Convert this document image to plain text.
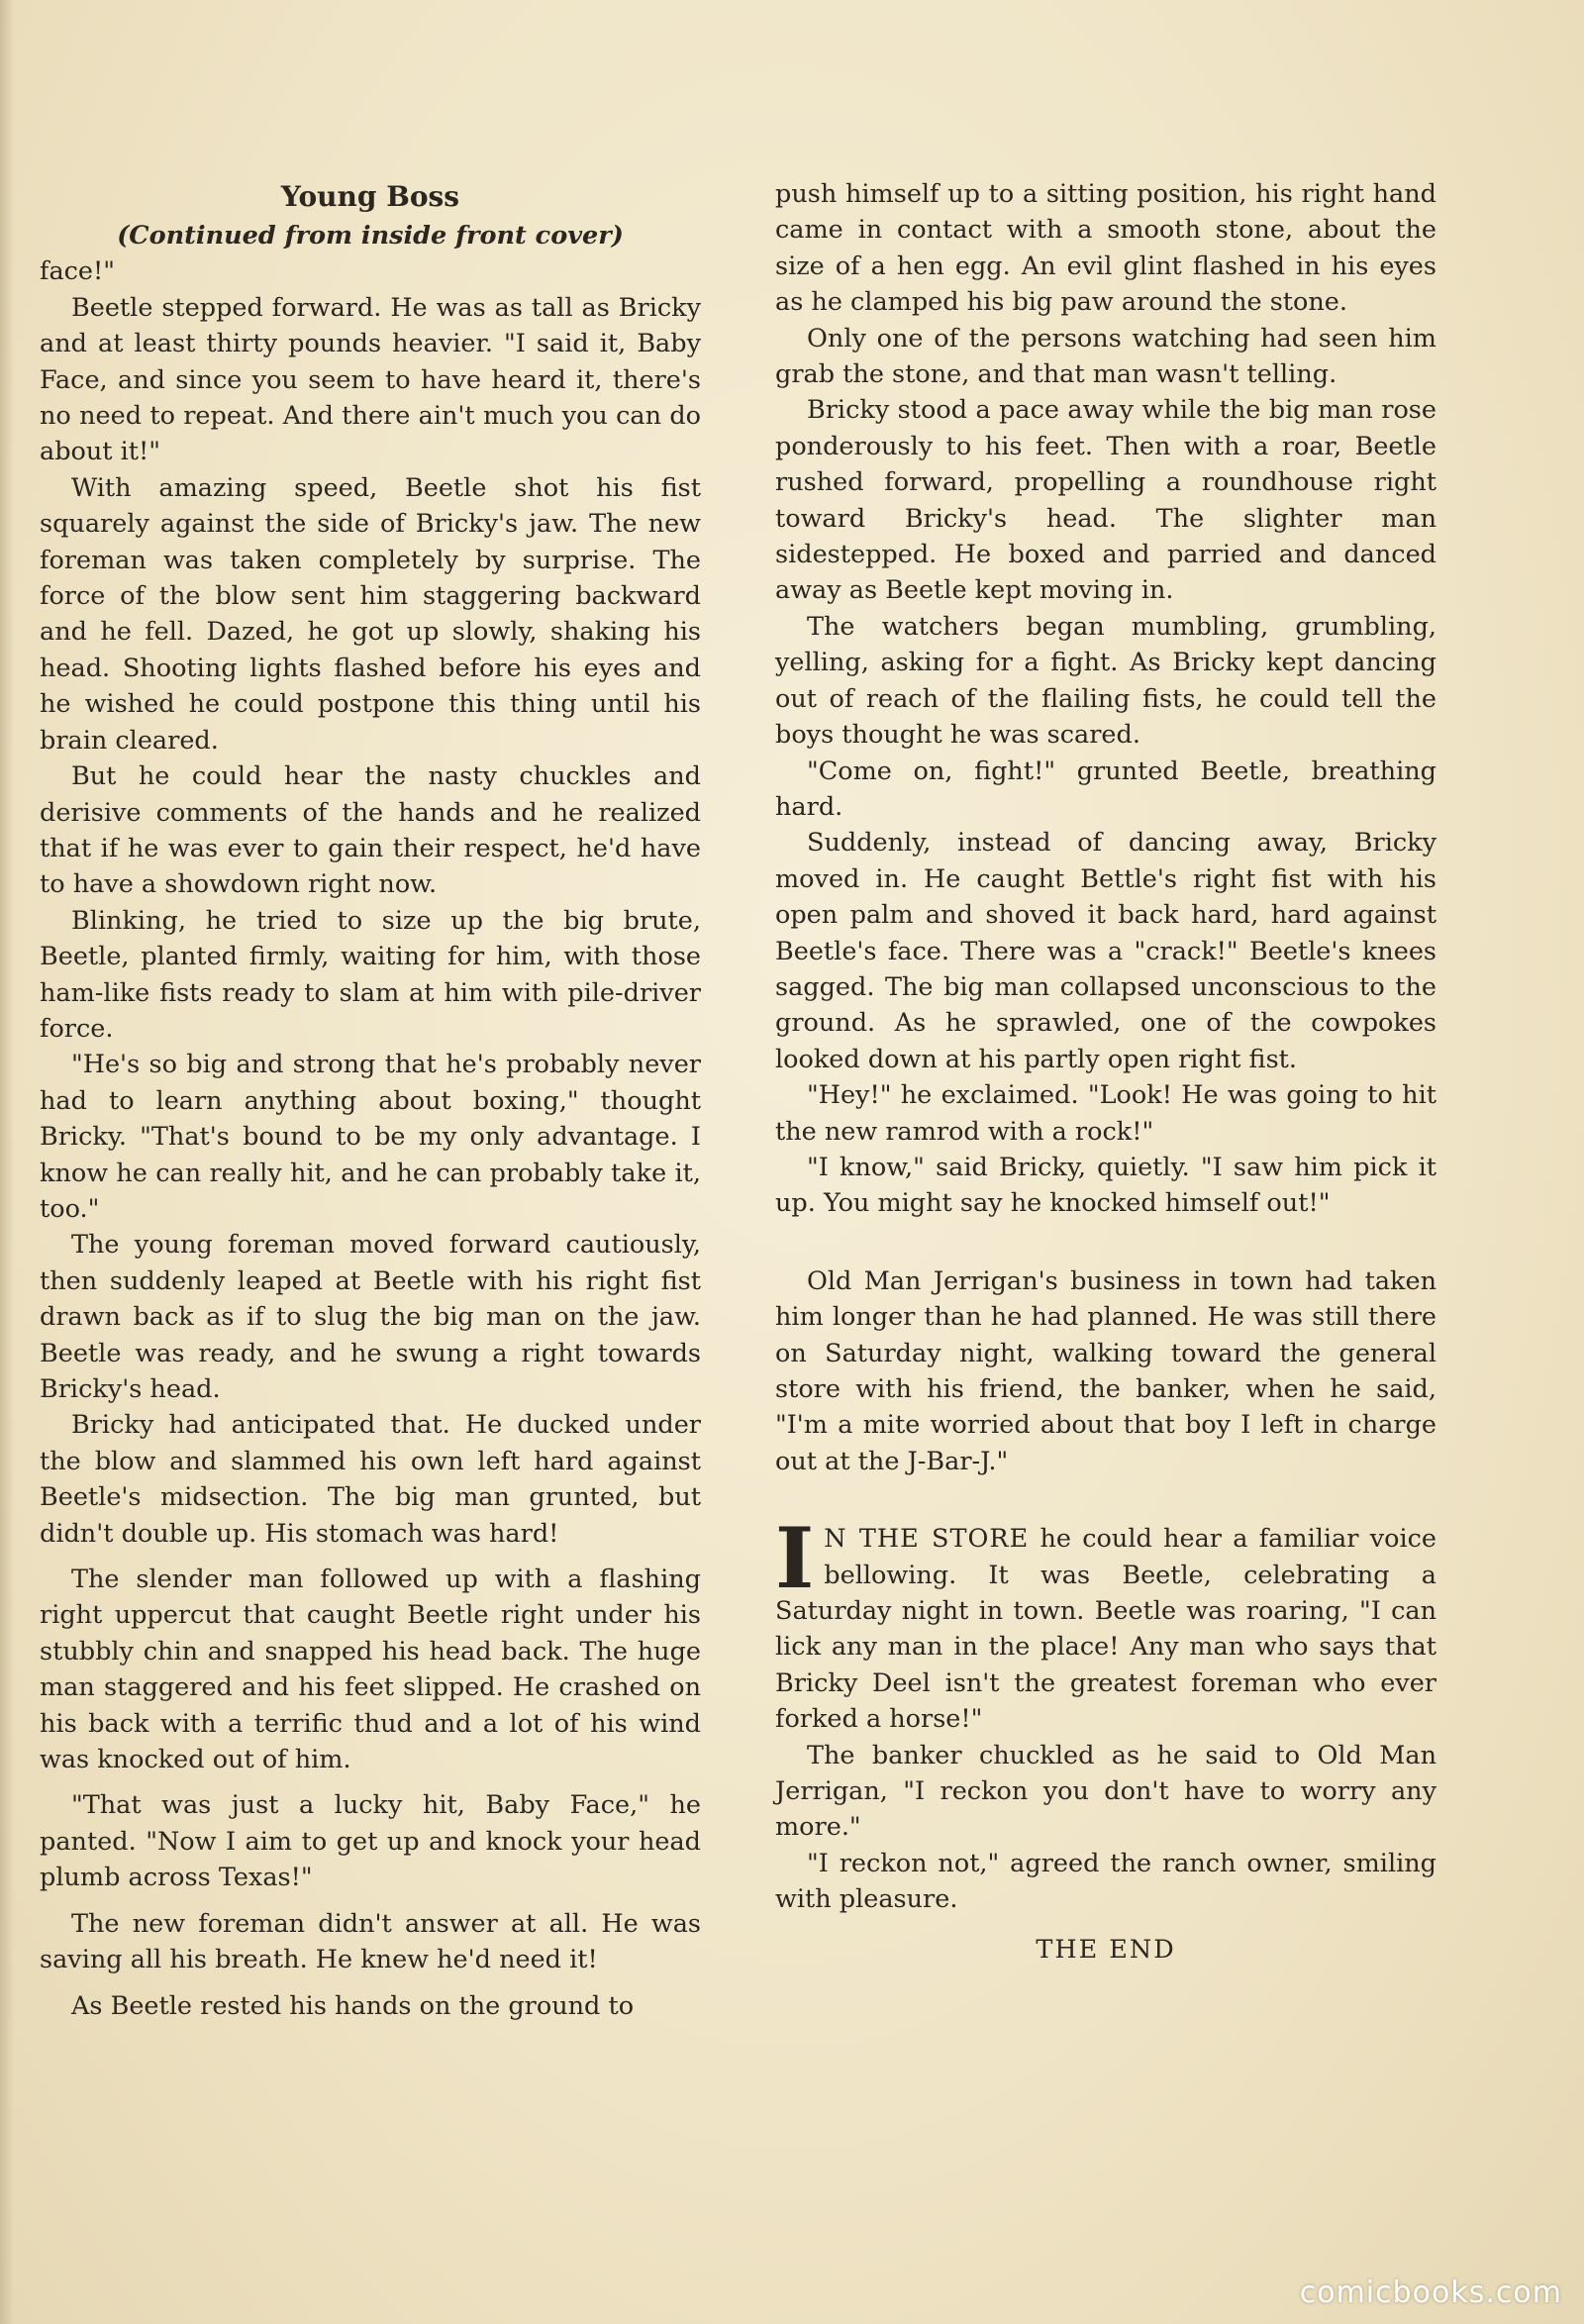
Young Boss

(Continued from inside front cover)

face!"

Beetle stepped forward. He was as tall as Bricky and at least thirty pounds heavier. "I said it, Baby Face, and since you seem to have heard it, there's no need to repeat. And there ain't much you can do about it!"

With amazing speed, Beetle shot his fist squarely against the side of Bricky's jaw. The new foreman was taken completely by surprise. The force of the blow sent him staggering backward and he fell. Dazed, he got up slowly, shaking his head. Shooting lights flashed before his eyes and he wished he could postpone this thing until his brain cleared.

But he could hear the nasty chuckles and derisive comments of the hands and he realized that if he was ever to gain their respect, he'd have to have a showdown right now.

Blinking, he tried to size up the big brute, Beetle, planted firmly, waiting for him, with those ham-like fists ready to slam at him with pile-driver force.

"He's so big and strong that he's probably never had to learn anything about boxing," thought Bricky. "That's bound to be my only advantage. I know he can really hit, and he can probably take it, too."

The young foreman moved forward cautiously, then suddenly leaped at Beetle with his right fist drawn back as if to slug the big man on the jaw. Beetle was ready, and he swung a right towards Bricky's head.

Bricky had anticipated that. He ducked under the blow and slammed his own left hard against Beetle's midsection. The big man grunted, but didn't double up. His stomach was hard!

The slender man followed up with a flashing right uppercut that caught Beetle right under his stubbly chin and snapped his head back. The huge man staggered and his feet slipped. He crashed on his back with a terrific thud and a lot of his wind was knocked out of him.

"That was just a lucky hit, Baby Face," he panted. "Now I aim to get up and knock your head plumb across Texas!"

The new foreman didn't answer at all. He was saving all his breath. He knew he'd need it!

As Beetle rested his hands on the ground to

push himself up to a sitting position, his right hand came in contact with a smooth stone, about the size of a hen egg. An evil glint flashed in his eyes as he clamped his big paw around the stone.

Only one of the persons watching had seen him grab the stone, and that man wasn't telling.

Bricky stood a pace away while the big man rose ponderously to his feet. Then with a roar, Beetle rushed forward, propelling a roundhouse right toward Bricky's head. The slighter man sidestepped. He boxed and parried and danced away as Beetle kept moving in.

The watchers began mumbling, grumbling, yelling, asking for a fight. As Bricky kept dancing out of reach of the flailing fists, he could tell the boys thought he was scared.

"Come on, fight!" grunted Beetle, breathing hard.

Suddenly, instead of dancing away, Bricky moved in. He caught Bettle's right fist with his open palm and shoved it back hard, hard against Beetle's face. There was a "crack!" Beetle's knees sagged. The big man collapsed unconscious to the ground. As he sprawled, one of the cowpokes looked down at his partly open right fist.

"Hey!" he exclaimed. "Look! He was going to hit the new ramrod with a rock!"

"I know," said Bricky, quietly. "I saw him pick it up. You might say he knocked himself out!"

Old Man Jerrigan's business in town had taken him longer than he had planned. He was still there on Saturday night, walking toward the general store with his friend, the banker, when he said, "I'm a mite worried about that boy I left in charge out at the J-Bar-J."

I N THE STORE he could hear a familiar voice bellowing. It was Beetle, celebrating a Saturday night in town. Beetle was roaring, "I can lick any man in the place! Any man who says that Bricky Deel isn't the greatest foreman who ever forked a horse!"

The banker chuckled as he said to Old Man Jerrigan, "I reckon you don't have to worry any more."

"I reckon not," agreed the ranch owner, smiling with pleasure.

THE END

comicbooks.com
